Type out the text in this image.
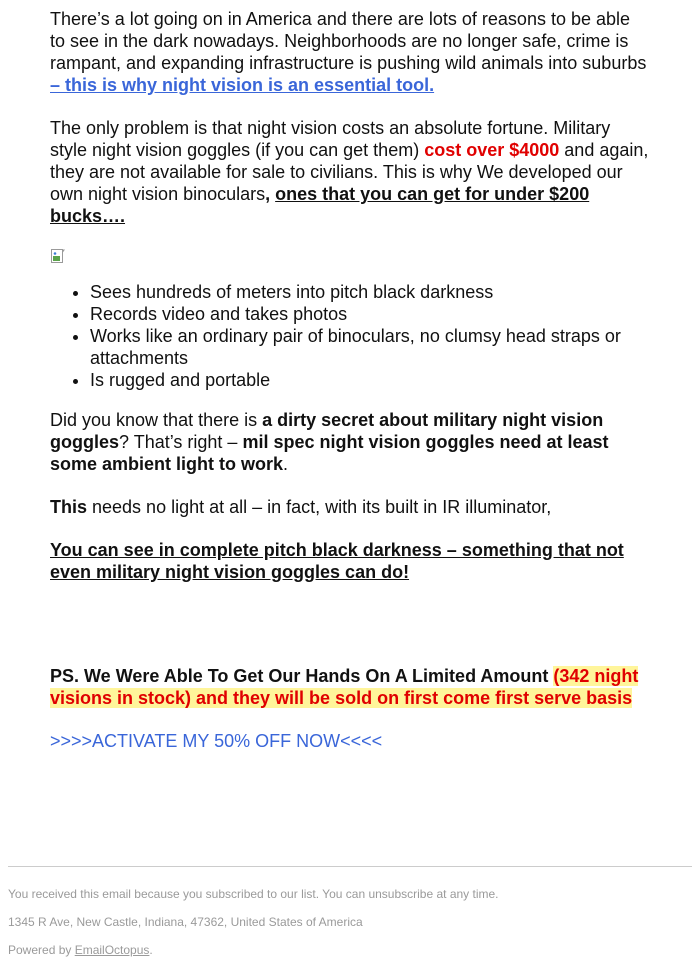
There’s a lot going on in America and there are lots of reasons to be able to see in the dark nowadays. Neighborhoods are no longer safe, crime is rampant, and expanding infrastructure is pushing wild animals into suburbs – this is why night vision is an essential tool.

The only problem is that night vision costs an absolute fortune. Military style night vision goggles (if you can get them) cost over $4000 and again, they are not available for sale to civilians. This is why We developed our own night vision binoculars, ones that you can get for under $200 bucks….

• Sees hundreds of meters into pitch black darkness
• Records video and takes photos
• Works like an ordinary pair of binoculars, no clumsy head straps or attachments
• Is rugged and portable

Did you know that there is a dirty secret about military night vision goggles? That’s right – mil spec night vision goggles need at least some ambient light to work.

This needs no light at all – in fact, with its built in IR illuminator,

You can see in complete pitch black darkness – something that not even military night vision goggles can do!

PS. We Were Able To Get Our Hands On A Limited Amount (342 night visions in stock) and they will be sold on first come first serve basis

>>>>ACTIVATE MY 50% OFF NOW<<<<

You received this email because you subscribed to our list. You can unsubscribe at any time.

1345 R Ave, New Castle, Indiana, 47362, United States of America

Powered by EmailOctopus.
